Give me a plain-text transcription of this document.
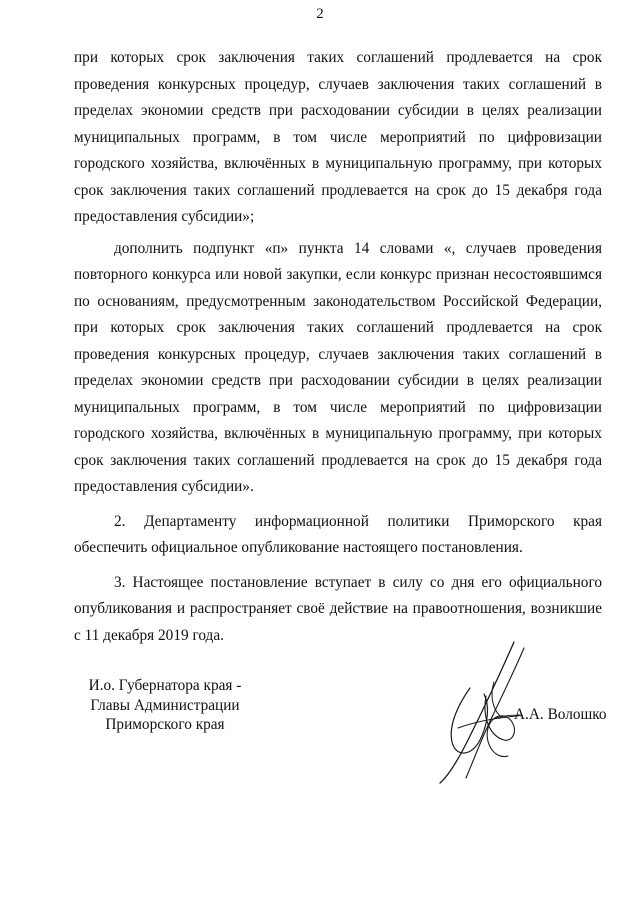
2

при которых срок заключения таких соглашений продлевается на срок проведения конкурсных процедур, случаев заключения таких соглашений в пределах экономии средств при расходовании субсидии в целях реализации муниципальных программ, в том числе мероприятий по цифровизации городского хозяйства, включённых в муниципальную программу, при которых срок заключения таких соглашений продлевается на срок до 15 декабря года предоставления субсидии»;

дополнить подпункт «п» пункта 14 словами «, случаев проведения повторного конкурса или новой закупки, если конкурс признан несостоявшимся по основаниям, предусмотренным законодательством Российской Федерации, при которых срок заключения таких соглашений продлевается на срок проведения конкурсных процедур, случаев заключения таких соглашений в пределах экономии средств при расходовании субсидии в целях реализации муниципальных программ, в том числе мероприятий по цифровизации городского хозяйства, включённых в муниципальную программу, при которых срок заключения таких соглашений продлевается на срок до 15 декабря года предоставления субсидии».

2. Департаменту информационной политики Приморского края обеспечить официальное опубликование настоящего постановления.

3. Настоящее постановление вступает в силу со дня его официального опубликования и распространяет своё действие на правоотношения, возникшие с 11 декабря 2019 года.

И.о. Губернатора края -
Главы Администрации
Приморского края
А.А. Волошко
